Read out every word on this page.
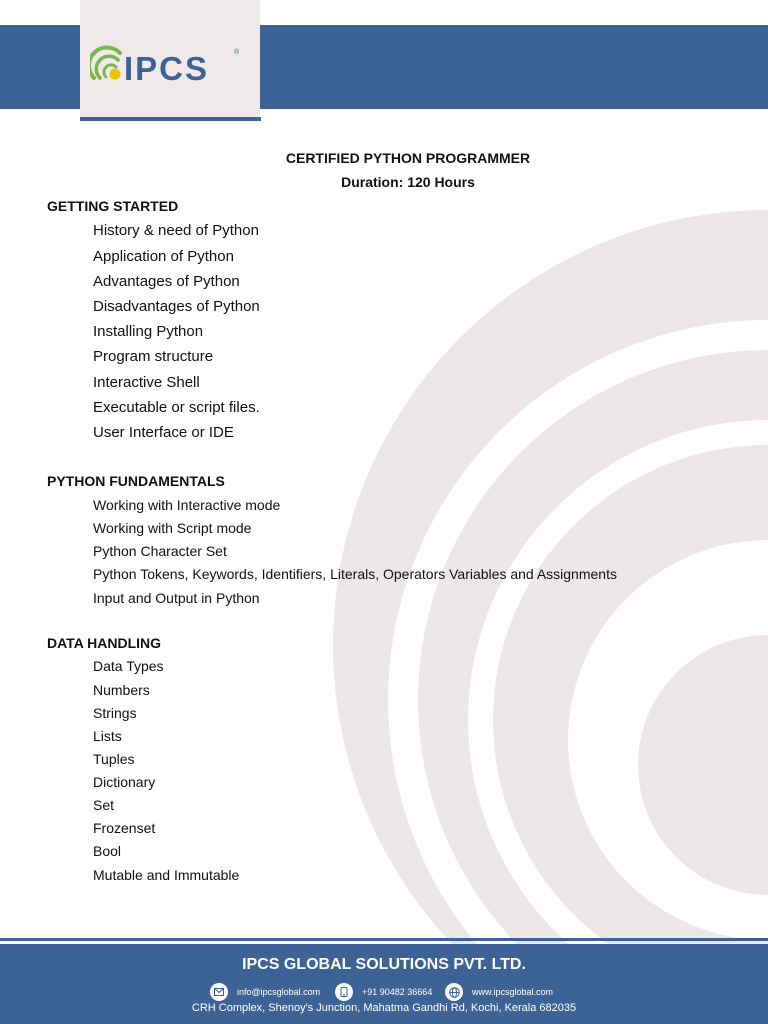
IPCS	®
CERTIFIED PYTHON PROGRAMMER
Duration: 120 Hours
GETTING STARTED
History & need of Python
Application of Python
Advantages of Python
Disadvantages of Python
Installing Python
Program structure
Interactive Shell
Executable or script files.
User Interface or IDE
PYTHON FUNDAMENTALS
Working with Interactive mode
Working with Script mode
Python Character Set
Python Tokens, Keywords, Identifiers, Literals, Operators Variables and Assignments
Input and Output in Python
DATA HANDLING
Data Types
Numbers
Strings
Lists
Tuples
Dictionary
Set
Frozenset
Bool
Mutable and Immutable
IPCS GLOBAL SOLUTIONS PVT. LTD.
info@ipcsglobal.com	+91 90482 36664	www.ipcsglobal.com
CRH Complex, Shenoy's Junction, Mahatma Gandhi Rd, Kochi, Kerala 682035
